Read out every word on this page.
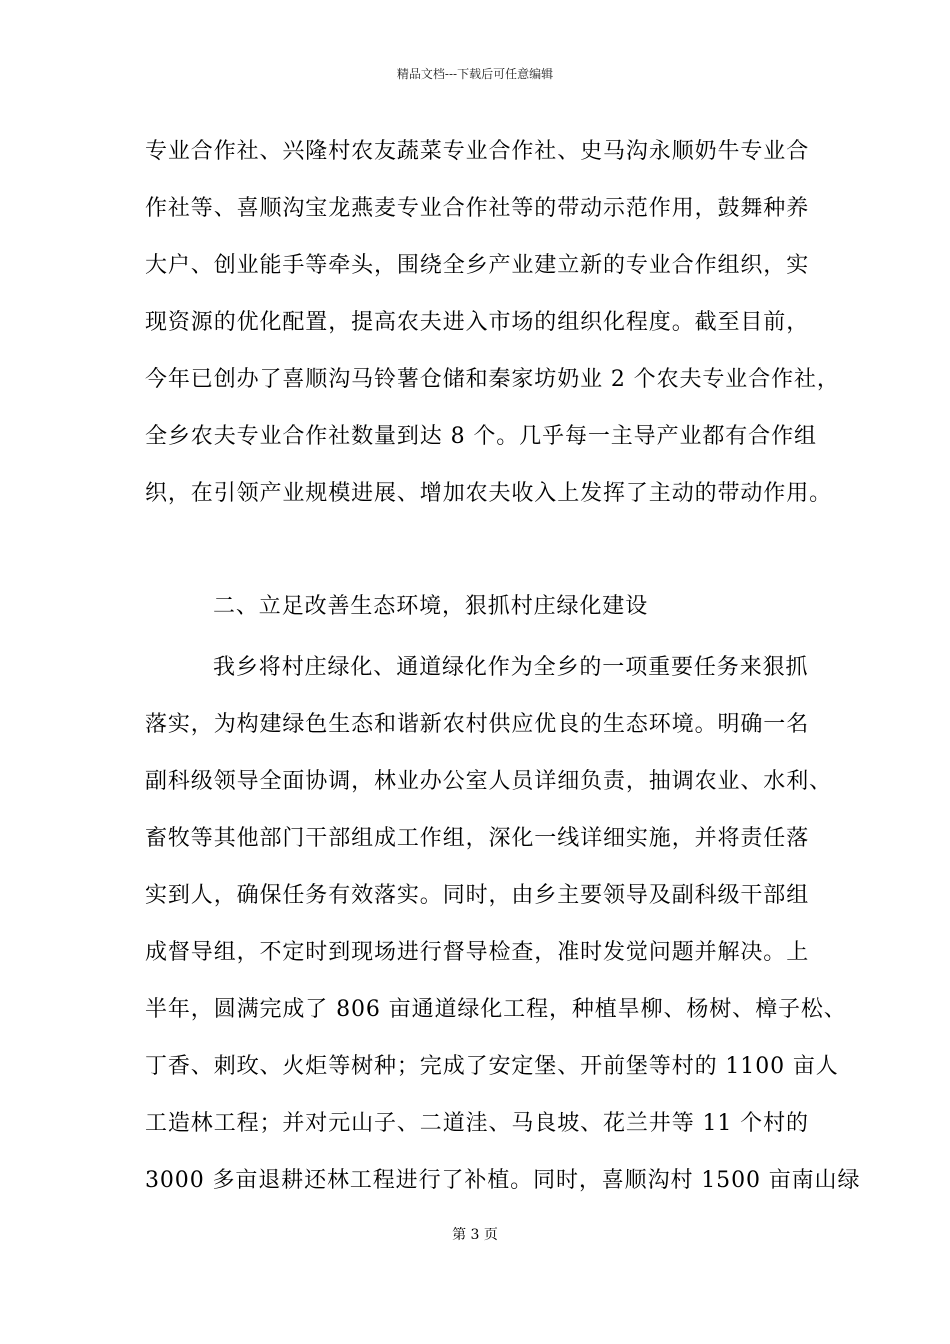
精品文档---下载后可任意编辑
专业合作社、兴隆村农友蔬菜专业合作社、史马沟永顺奶牛专业合
作社等、喜顺沟宝龙燕麦专业合作社等的带动示范作用，鼓舞种养
大户、创业能手等牵头，围绕全乡产业建立新的专业合作组织，实
现资源的优化配置，提高农夫进入市场的组织化程度。截至目前，
今年已创办了喜顺沟马铃薯仓储和秦家坊奶业 2 个农夫专业合作社，
全乡农夫专业合作社数量到达 8 个。几乎每一主导产业都有合作组
织，在引领产业规模进展、增加农夫收入上发挥了主动的带动作用。
二、立足改善生态环境，狠抓村庄绿化建设
我乡将村庄绿化、通道绿化作为全乡的一项重要任务来狠抓
落实，为构建绿色生态和谐新农村供应优良的生态环境。明确一名
副科级领导全面协调，林业办公室人员详细负责，抽调农业、水利、
畜牧等其他部门干部组成工作组，深化一线详细实施，并将责任落
实到人，确保任务有效落实。同时，由乡主要领导及副科级干部组
成督导组，不定时到现场进行督导检查，准时发觉问题并解决。上
半年，圆满完成了 806 亩通道绿化工程，种植旱柳、杨树、樟子松、
丁香、刺玫、火炬等树种；完成了安定堡、开前堡等村的 1100 亩人
工造林工程；并对元山子、二道洼、马良坡、花兰井等 11 个村的
3000 多亩退耕还林工程进行了补植。同时，喜顺沟村 1500 亩南山绿
第 3 页
